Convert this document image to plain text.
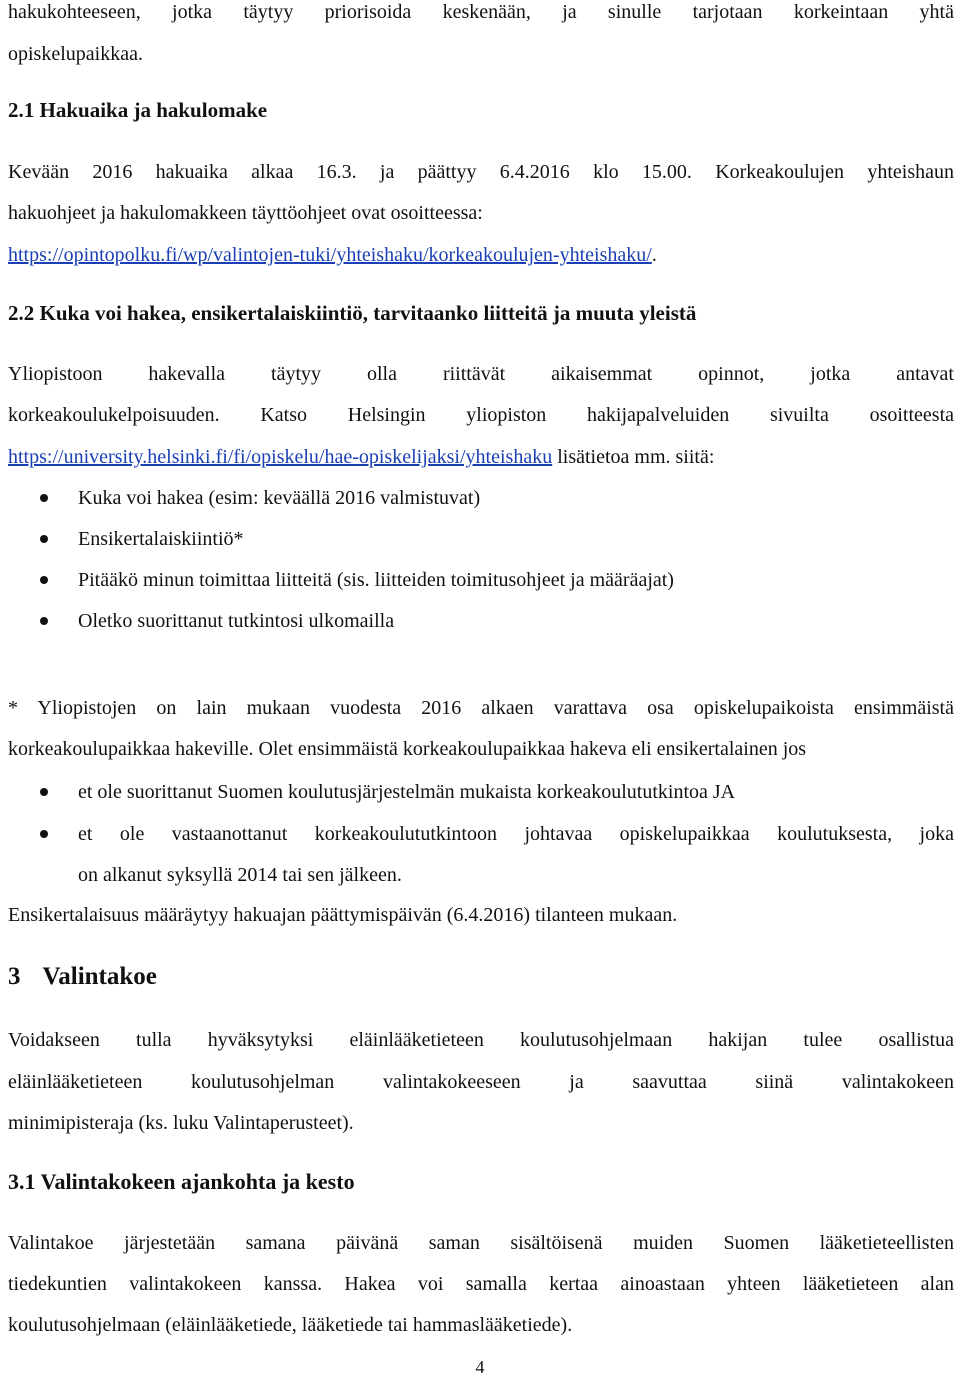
hakukohteeseen, jotka täytyy priorisoida keskenään, ja sinulle tarjotaan korkeintaan yhtä
opiskelupaikkaa.
2.1 Hakuaika ja hakulomake
Kevään 2016 hakuaika alkaa 16.3. ja päättyy 6.4.2016 klo 15.00. Korkeakoulujen yhteishaun
hakuohjeet ja hakulomakkeen täyttöohjeet ovat osoitteessa:
https://opintopolku.fi/wp/valintojen-tuki/yhteishaku/korkeakoulujen-yhteishaku/.
2.2 Kuka voi hakea, ensikertalaiskiintiö, tarvitaanko liitteitä ja muuta yleistä
Yliopistoon hakevalla täytyy olla riittävät aikaisemmat opinnot, jotka antavat
korkeakoulukelpoisuuden. Katso Helsingin yliopiston hakijapalveluiden sivuilta osoitteesta
https://university.helsinki.fi/fi/opiskelu/hae-opiskelijaksi/yhteishaku lisätietoa mm. siitä:
Kuka voi hakea (esim: keväällä 2016 valmistuvat)
Ensikertalaiskiintiö*
Pitääkö minun toimittaa liitteitä (sis. liitteiden toimitusohjeet ja määräajat)
Oletko suorittanut tutkintosi ulkomailla
* Yliopistojen on lain mukaan vuodesta 2016 alkaen varattava osa opiskelupaikoista ensimmäistä
korkeakoulupaikkaa hakeville. Olet ensimmäistä korkeakoulupaikkaa hakeva eli ensikertalainen jos
et ole suorittanut Suomen koulutusjärjestelmän mukaista korkeakoulututkintoa JA
et ole vastaanottanut korkeakoulututkintoon johtavaa opiskelupaikkaa koulutuksesta, joka
on alkanut syksyllä 2014 tai sen jälkeen.
Ensikertalaisuus määräytyy hakuajan päättymispäivän (6.4.2016) tilanteen mukaan.
3 Valintakoe
Voidakseen tulla hyväksytyksi eläinlääketieteen koulutusohjelmaan hakijan tulee osallistua
eläinlääketieteen koulutusohjelman valintakokeeseen ja saavuttaa siinä valintakokeen
minimipisteraja (ks. luku Valintaperusteet).
3.1 Valintakokeen ajankohta ja kesto
Valintakoe järjestetään samana päivänä saman sisältöisenä muiden Suomen lääketieteellisten
tiedekuntien valintakokeen kanssa. Hakea voi samalla kertaa ainoastaan yhteen lääketieteen alan
koulutusohjelmaan (eläinlääketiede, lääketiede tai hammaslääketiede).
4
